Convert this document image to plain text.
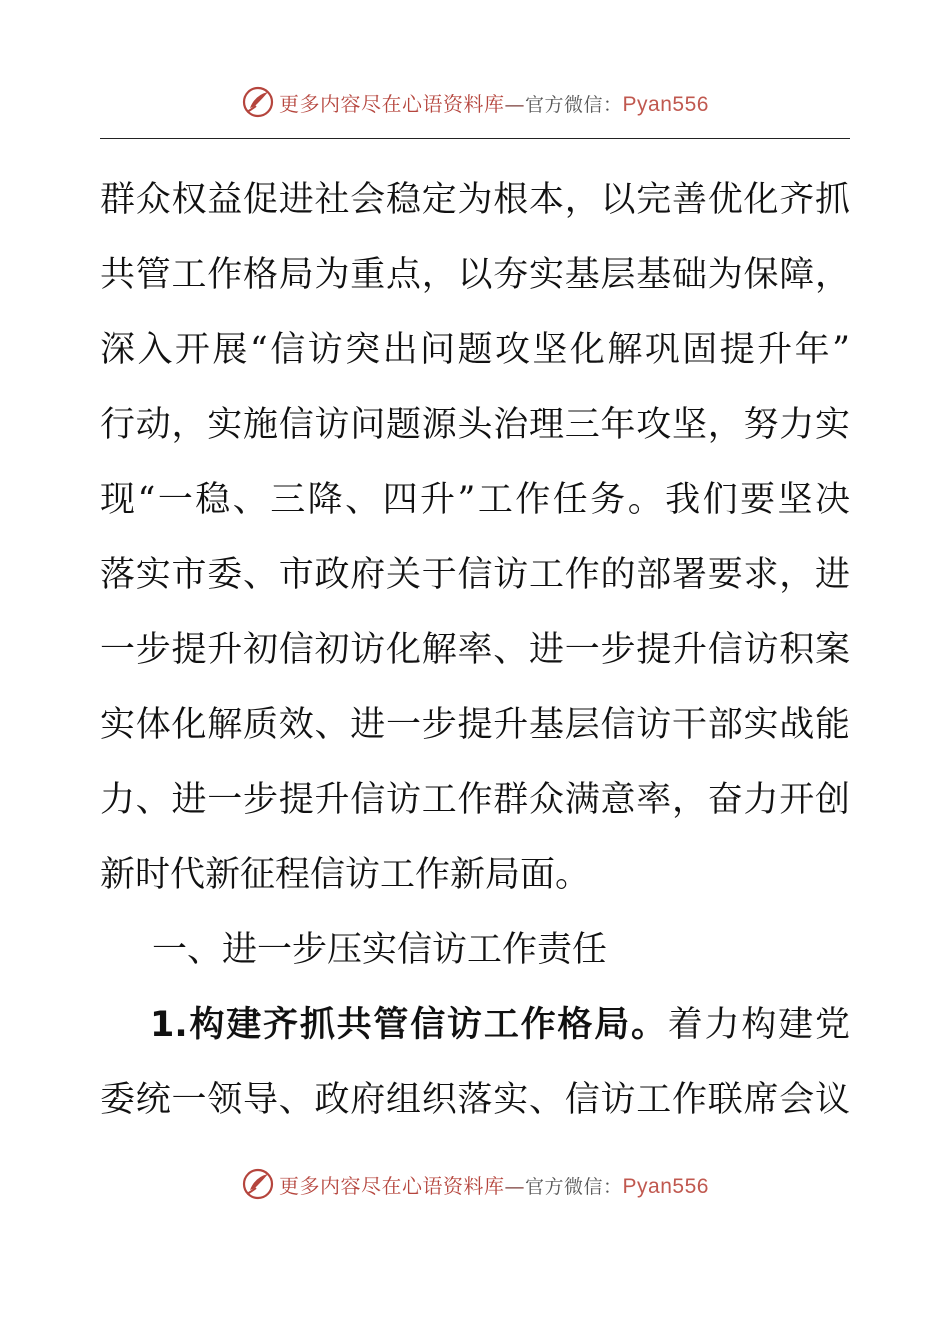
更多内容尽在心语资料库—官方微信：Pyan556
群众权益促进社会稳定为根本，以完善优化齐抓
共管工作格局为重点，以夯实基层基础为保障，
深入开展“信访突出问题攻坚化解巩固提升年”
行动，实施信访问题源头治理三年攻坚，努力实
现“一稳、三降、四升”工作任务。我们要坚决
落实市委、市政府关于信访工作的部署要求，进
一步提升初信初访化解率、进一步提升信访积案
实体化解质效、进一步提升基层信访干部实战能
力、进一步提升信访工作群众满意率，奋力开创
新时代新征程信访工作新局面。
一、进一步压实信访工作责任
1.构建齐抓共管信访工作格局。着力构建党
委统一领导、政府组织落实、信访工作联席会议
更多内容尽在心语资料库—官方微信：Pyan556
